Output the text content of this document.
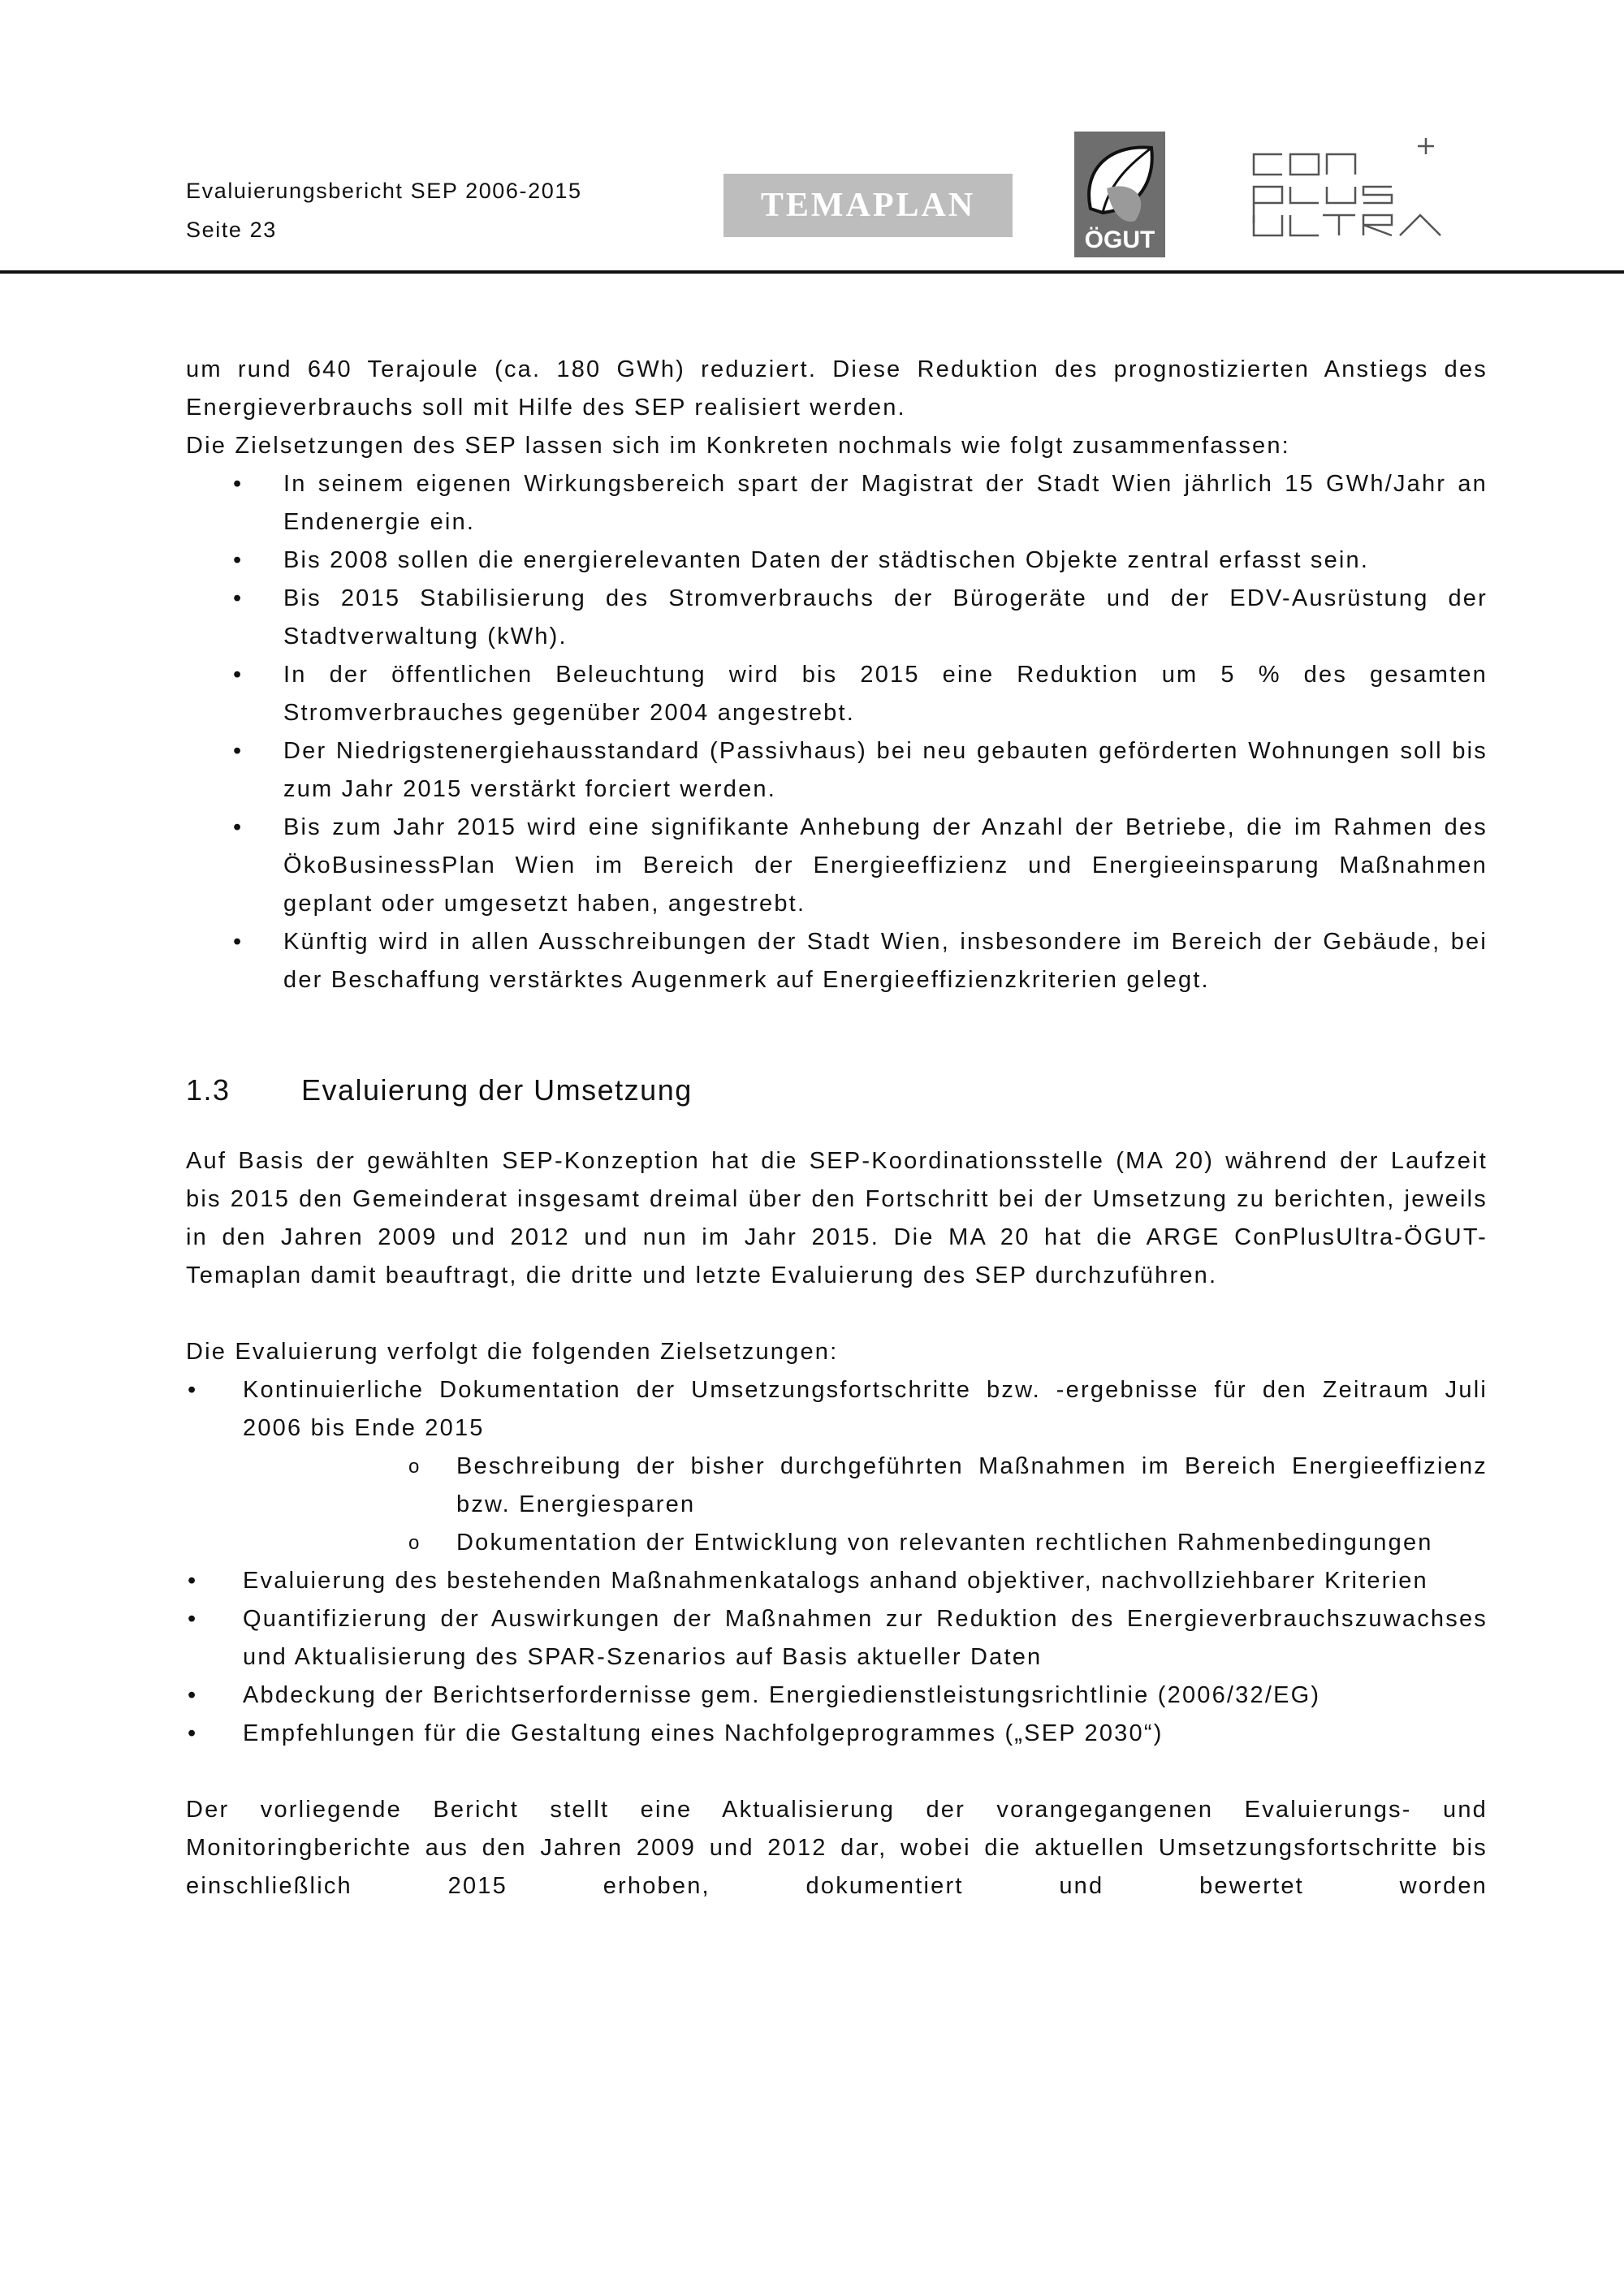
Evaluierungsbericht SEP 2006-2015
Seite 23
TEMAPLAN
ÖGUT

um rund 640 Terajoule (ca. 180 GWh) reduziert. Diese Reduktion des prognostizierten Anstiegs des Energieverbrauchs soll mit Hilfe des SEP realisiert werden.

Die Zielsetzungen des SEP lassen sich im Konkreten nochmals wie folgt zusammenfassen:

• In seinem eigenen Wirkungsbereich spart der Magistrat der Stadt Wien jährlich 15 GWh/Jahr an Endenergie ein.
• Bis 2008 sollen die energierelevanten Daten der städtischen Objekte zentral erfasst sein.
• Bis 2015 Stabilisierung des Stromverbrauchs der Bürogeräte und der EDV-Ausrüstung der Stadtverwaltung (kWh).
• In der öffentlichen Beleuchtung wird bis 2015 eine Reduktion um 5 % des gesamten Stromverbrauches gegenüber 2004 angestrebt.
• Der Niedrigstenergiehausstandard (Passivhaus) bei neu gebauten geförderten Wohnungen soll bis zum Jahr 2015 verstärkt forciert werden.
• Bis zum Jahr 2015 wird eine signifikante Anhebung der Anzahl der Betriebe, die im Rahmen des ÖkoBusinessPlan Wien im Bereich der Energieeffizienz und Energieeinsparung Maßnahmen geplant oder umgesetzt haben, angestrebt.
• Künftig wird in allen Ausschreibungen der Stadt Wien, insbesondere im Bereich der Gebäude, bei der Beschaffung verstärktes Augenmerk auf Energieeffizienzkriterien gelegt.
1.3 Evaluierung der Umsetzung

Auf Basis der gewählten SEP-Konzeption hat die SEP-Koordinationsstelle (MA 20) während der Laufzeit bis 2015 den Gemeinderat insgesamt dreimal über den Fortschritt bei der Umsetzung zu berichten, jeweils in den Jahren 2009 und 2012 und nun im Jahr 2015. Die MA 20 hat die ARGE ConPlusUltra-ÖGUT-Temaplan damit beauftragt, die dritte und letzte Evaluierung des SEP durchzuführen.

Die Evaluierung verfolgt die folgenden Zielsetzungen:

• Kontinuierliche Dokumentation der Umsetzungsfortschritte bzw. -ergebnisse für den Zeitraum Juli 2006 bis Ende 2015
o Beschreibung der bisher durchgeführten Maßnahmen im Bereich Energieeffizienz bzw. Energiesparen
o Dokumentation der Entwicklung von relevanten rechtlichen Rahmenbedingungen
• Evaluierung des bestehenden Maßnahmenkatalogs anhand objektiver, nachvollziehbarer Kriterien
• Quantifizierung der Auswirkungen der Maßnahmen zur Reduktion des Energieverbrauchszuwachses und Aktualisierung des SPAR-Szenarios auf Basis aktueller Daten
• Abdeckung der Berichtserfordernisse gem. Energiedienstleistungsrichtlinie (2006/32/EG)
• Empfehlungen für die Gestaltung eines Nachfolgeprogrammes („SEP 2030“)

Der vorliegende Bericht stellt eine Aktualisierung der vorangegangenen Evaluierungs- und Monitoringberichte aus den Jahren 2009 und 2012 dar, wobei die aktuellen Umsetzungsfortschritte bis einschließlich 2015 erhoben, dokumentiert und bewertet worden
